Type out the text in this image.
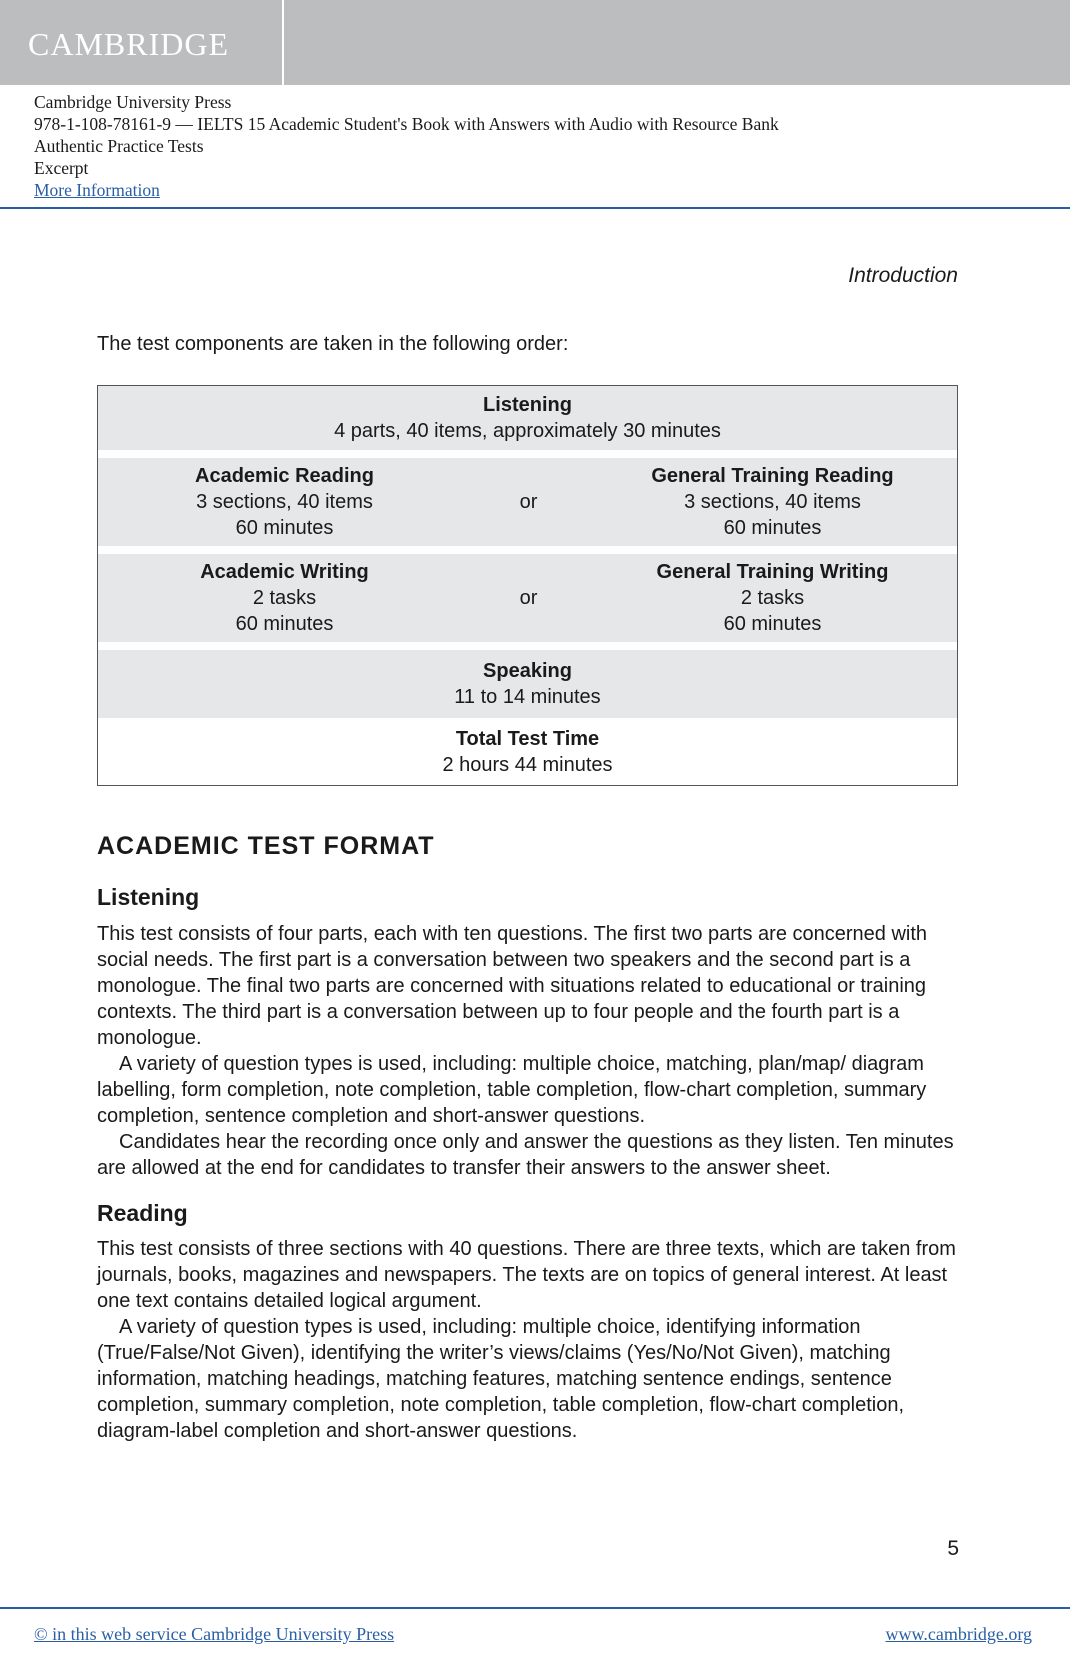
CAMBRIDGE
Cambridge University Press
978-1-108-78161-9 — IELTS 15 Academic Student's Book with Answers with Audio with Resource Bank
Authentic Practice Tests
Excerpt
More Information
Introduction
The test components are taken in the following order:
Listening
4 parts, 40 items, approximately 30 minutes
Academic Reading
3 sections, 40 items
60 minutes
or
General Training Reading
3 sections, 40 items
60 minutes
Academic Writing
2 tasks
60 minutes
or
General Training Writing
2 tasks
60 minutes
Speaking
11 to 14 minutes
Total Test Time
2 hours 44 minutes
ACADEMIC TEST FORMAT
Listening

This test consists of four parts, each with ten questions. The first two parts are concerned with social needs. The first part is a conversation between two speakers and the second part is a monologue. The final two parts are concerned with situations related to educational or training contexts. The third part is a conversation between up to four people and the fourth part is a monologue.

A variety of question types is used, including: multiple choice, matching, plan/map/ diagram labelling, form completion, note completion, table completion, flow-chart completion, summary completion, sentence completion and short-answer questions.

Candidates hear the recording once only and answer the questions as they listen. Ten minutes are allowed at the end for candidates to transfer their answers to the answer sheet.

Reading

This test consists of three sections with 40 questions. There are three texts, which are taken from journals, books, magazines and newspapers. The texts are on topics of general interest. At least one text contains detailed logical argument.

A variety of question types is used, including: multiple choice, identifying information (True/False/Not Given), identifying the writer’s views/claims (Yes/No/Not Given), matching information, matching headings, matching features, matching sentence endings, sentence completion, summary completion, note completion, table completion, flow-chart completion, diagram-label completion and short-answer questions.

5
© in this web service Cambridge University Press	www.cambridge.org
